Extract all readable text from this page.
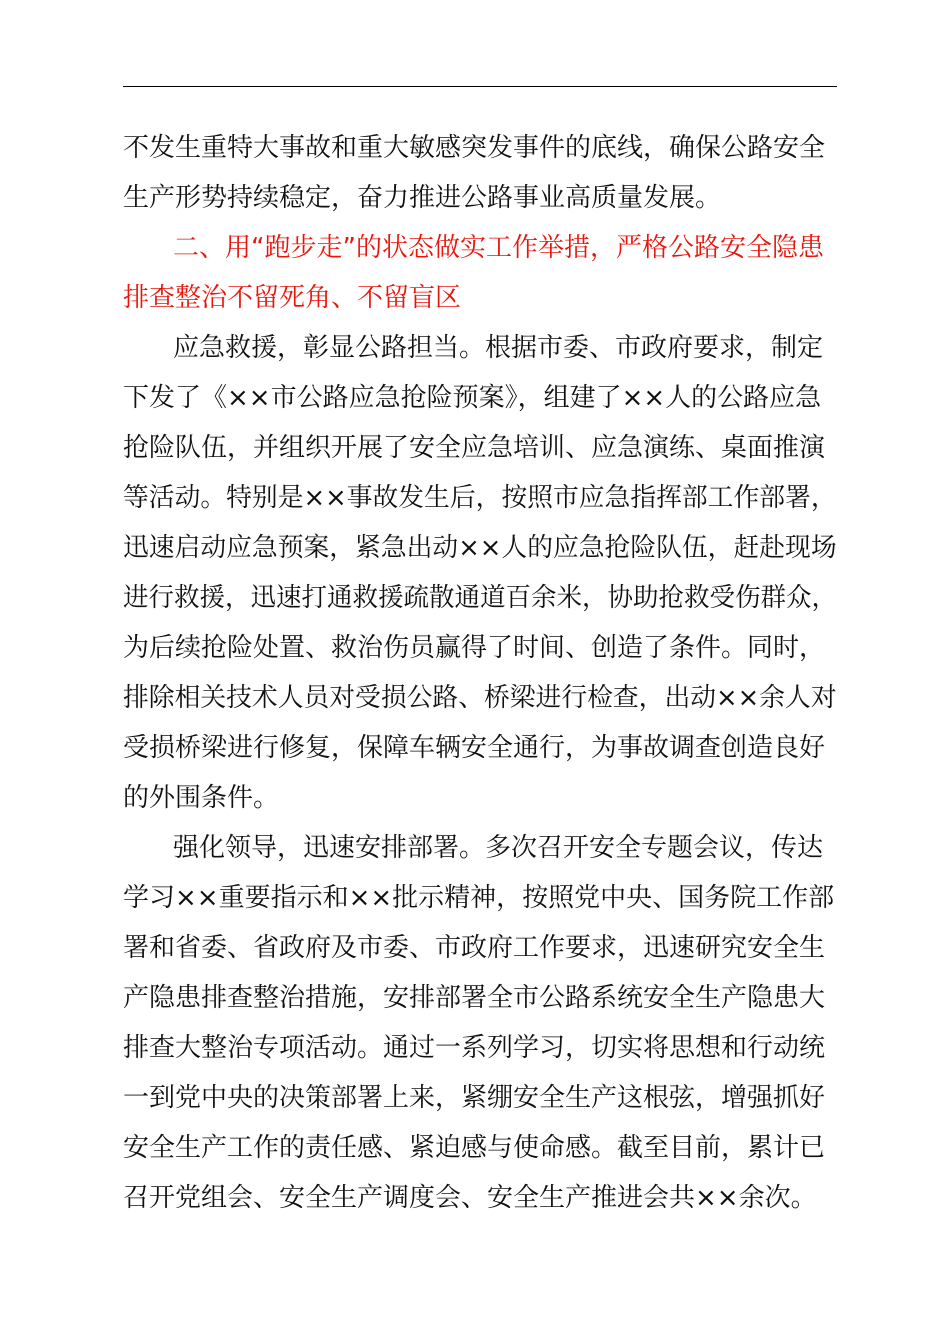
不发生重特大事故和重大敏感突发事件的底线，确保公路安全
生产形势持续稳定，奋力推进公路事业高质量发展。
二、用“跑步走”的状态做实工作举措，严格公路安全隐患
排查整治不留死角、不留盲区
应急救援，彰显公路担当。根据市委、市政府要求，制定
下发了《××市公路应急抢险预案》，组建了××人的公路应急
抢险队伍，并组织开展了安全应急培训、应急演练、桌面推演
等活动。特别是××事故发生后，按照市应急指挥部工作部署，
迅速启动应急预案，紧急出动××人的应急抢险队伍，赶赴现场
进行救援，迅速打通救援疏散通道百余米，协助抢救受伤群众，
为后续抢险处置、救治伤员赢得了时间、创造了条件。同时，
排除相关技术人员对受损公路、桥梁进行检查，出动××余人对
受损桥梁进行修复，保障车辆安全通行，为事故调查创造良好
的外围条件。
强化领导，迅速安排部署。多次召开安全专题会议，传达
学习××重要指示和××批示精神，按照党中央、国务院工作部
署和省委、省政府及市委、市政府工作要求，迅速研究安全生
产隐患排查整治措施，安排部署全市公路系统安全生产隐患大
排查大整治专项活动。通过一系列学习，切实将思想和行动统
一到党中央的决策部署上来，紧绷安全生产这根弦，增强抓好
安全生产工作的责任感、紧迫感与使命感。截至目前，累计已
召开党组会、安全生产调度会、安全生产推进会共××余次。
